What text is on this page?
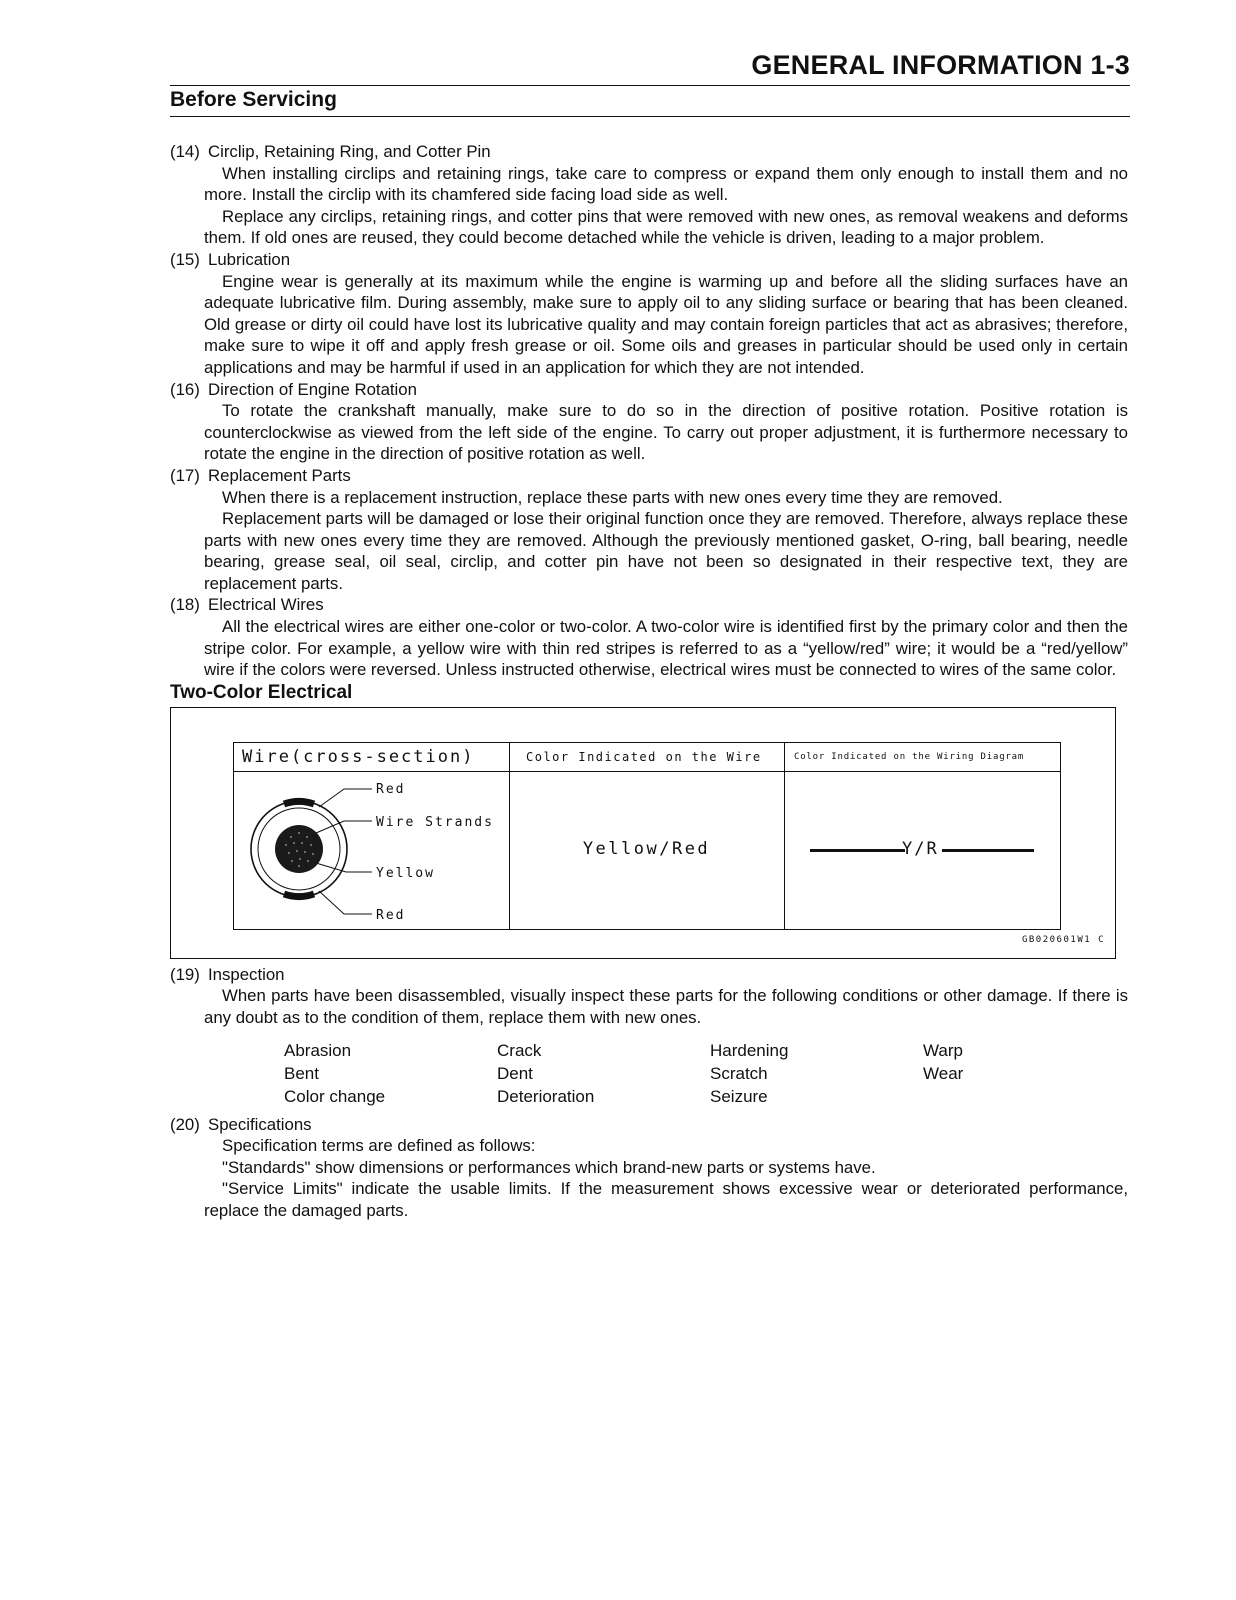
GENERAL INFORMATION 1-3
Before Servicing

(14) Circlip, Retaining Ring, and Cotter Pin

When installing circlips and retaining rings, take care to compress or expand them only enough to install them and no more. Install the circlip with its chamfered side facing load side as well.

Replace any circlips, retaining rings, and cotter pins that were removed with new ones, as removal weakens and deforms them. If old ones are reused, they could become detached while the vehicle is driven, leading to a major problem.

(15) Lubrication

Engine wear is generally at its maximum while the engine is warming up and before all the sliding surfaces have an adequate lubricative film. During assembly, make sure to apply oil to any sliding surface or bearing that has been cleaned. Old grease or dirty oil could have lost its lubricative quality and may contain foreign particles that act as abrasives; therefore, make sure to wipe it off and apply fresh grease or oil. Some oils and greases in particular should be used only in certain applications and may be harmful if used in an application for which they are not intended.

(16) Direction of Engine Rotation

To rotate the crankshaft manually, make sure to do so in the direction of positive rotation. Positive rotation is counterclockwise as viewed from the left side of the engine. To carry out proper adjustment, it is furthermore necessary to rotate the engine in the direction of positive rotation as well.

(17) Replacement Parts

When there is a replacement instruction, replace these parts with new ones every time they are removed.

Replacement parts will be damaged or lose their original function once they are removed. Therefore, always replace these parts with new ones every time they are removed. Although the previously mentioned gasket, O-ring, ball bearing, needle bearing, grease seal, oil seal, circlip, and cotter pin have not been so designated in their respective text, they are replacement parts.

(18) Electrical Wires

All the electrical wires are either one-color or two-color. A two-color wire is identified first by the primary color and then the stripe color. For example, a yellow wire with thin red stripes is referred to as a “yellow/red” wire; it would be a “red/yellow” wire if the colors were reversed. Unless instructed otherwise, electrical wires must be connected to wires of the same color.

Two-Color Electrical
Wire(cross-section)	Color Indicated on the Wire	Color Indicated on the Wiring Diagram
Red
Wire Strands
Yellow
Red
Yellow/Red	Y/R
GB020601W1 C

(19) Inspection

When parts have been disassembled, visually inspect these parts for the following conditions or other damage. If there is any doubt as to the condition of them, replace them with new ones.

Abrasion	Crack	Hardening	Warp
Bent	Dent	Scratch	Wear
Color change	Deterioration	Seizure

(20) Specifications

Specification terms are defined as follows:

"Standards" show dimensions or performances which brand-new parts or systems have.

"Service Limits" indicate the usable limits. If the measurement shows excessive wear or deteriorated performance, replace the damaged parts.
